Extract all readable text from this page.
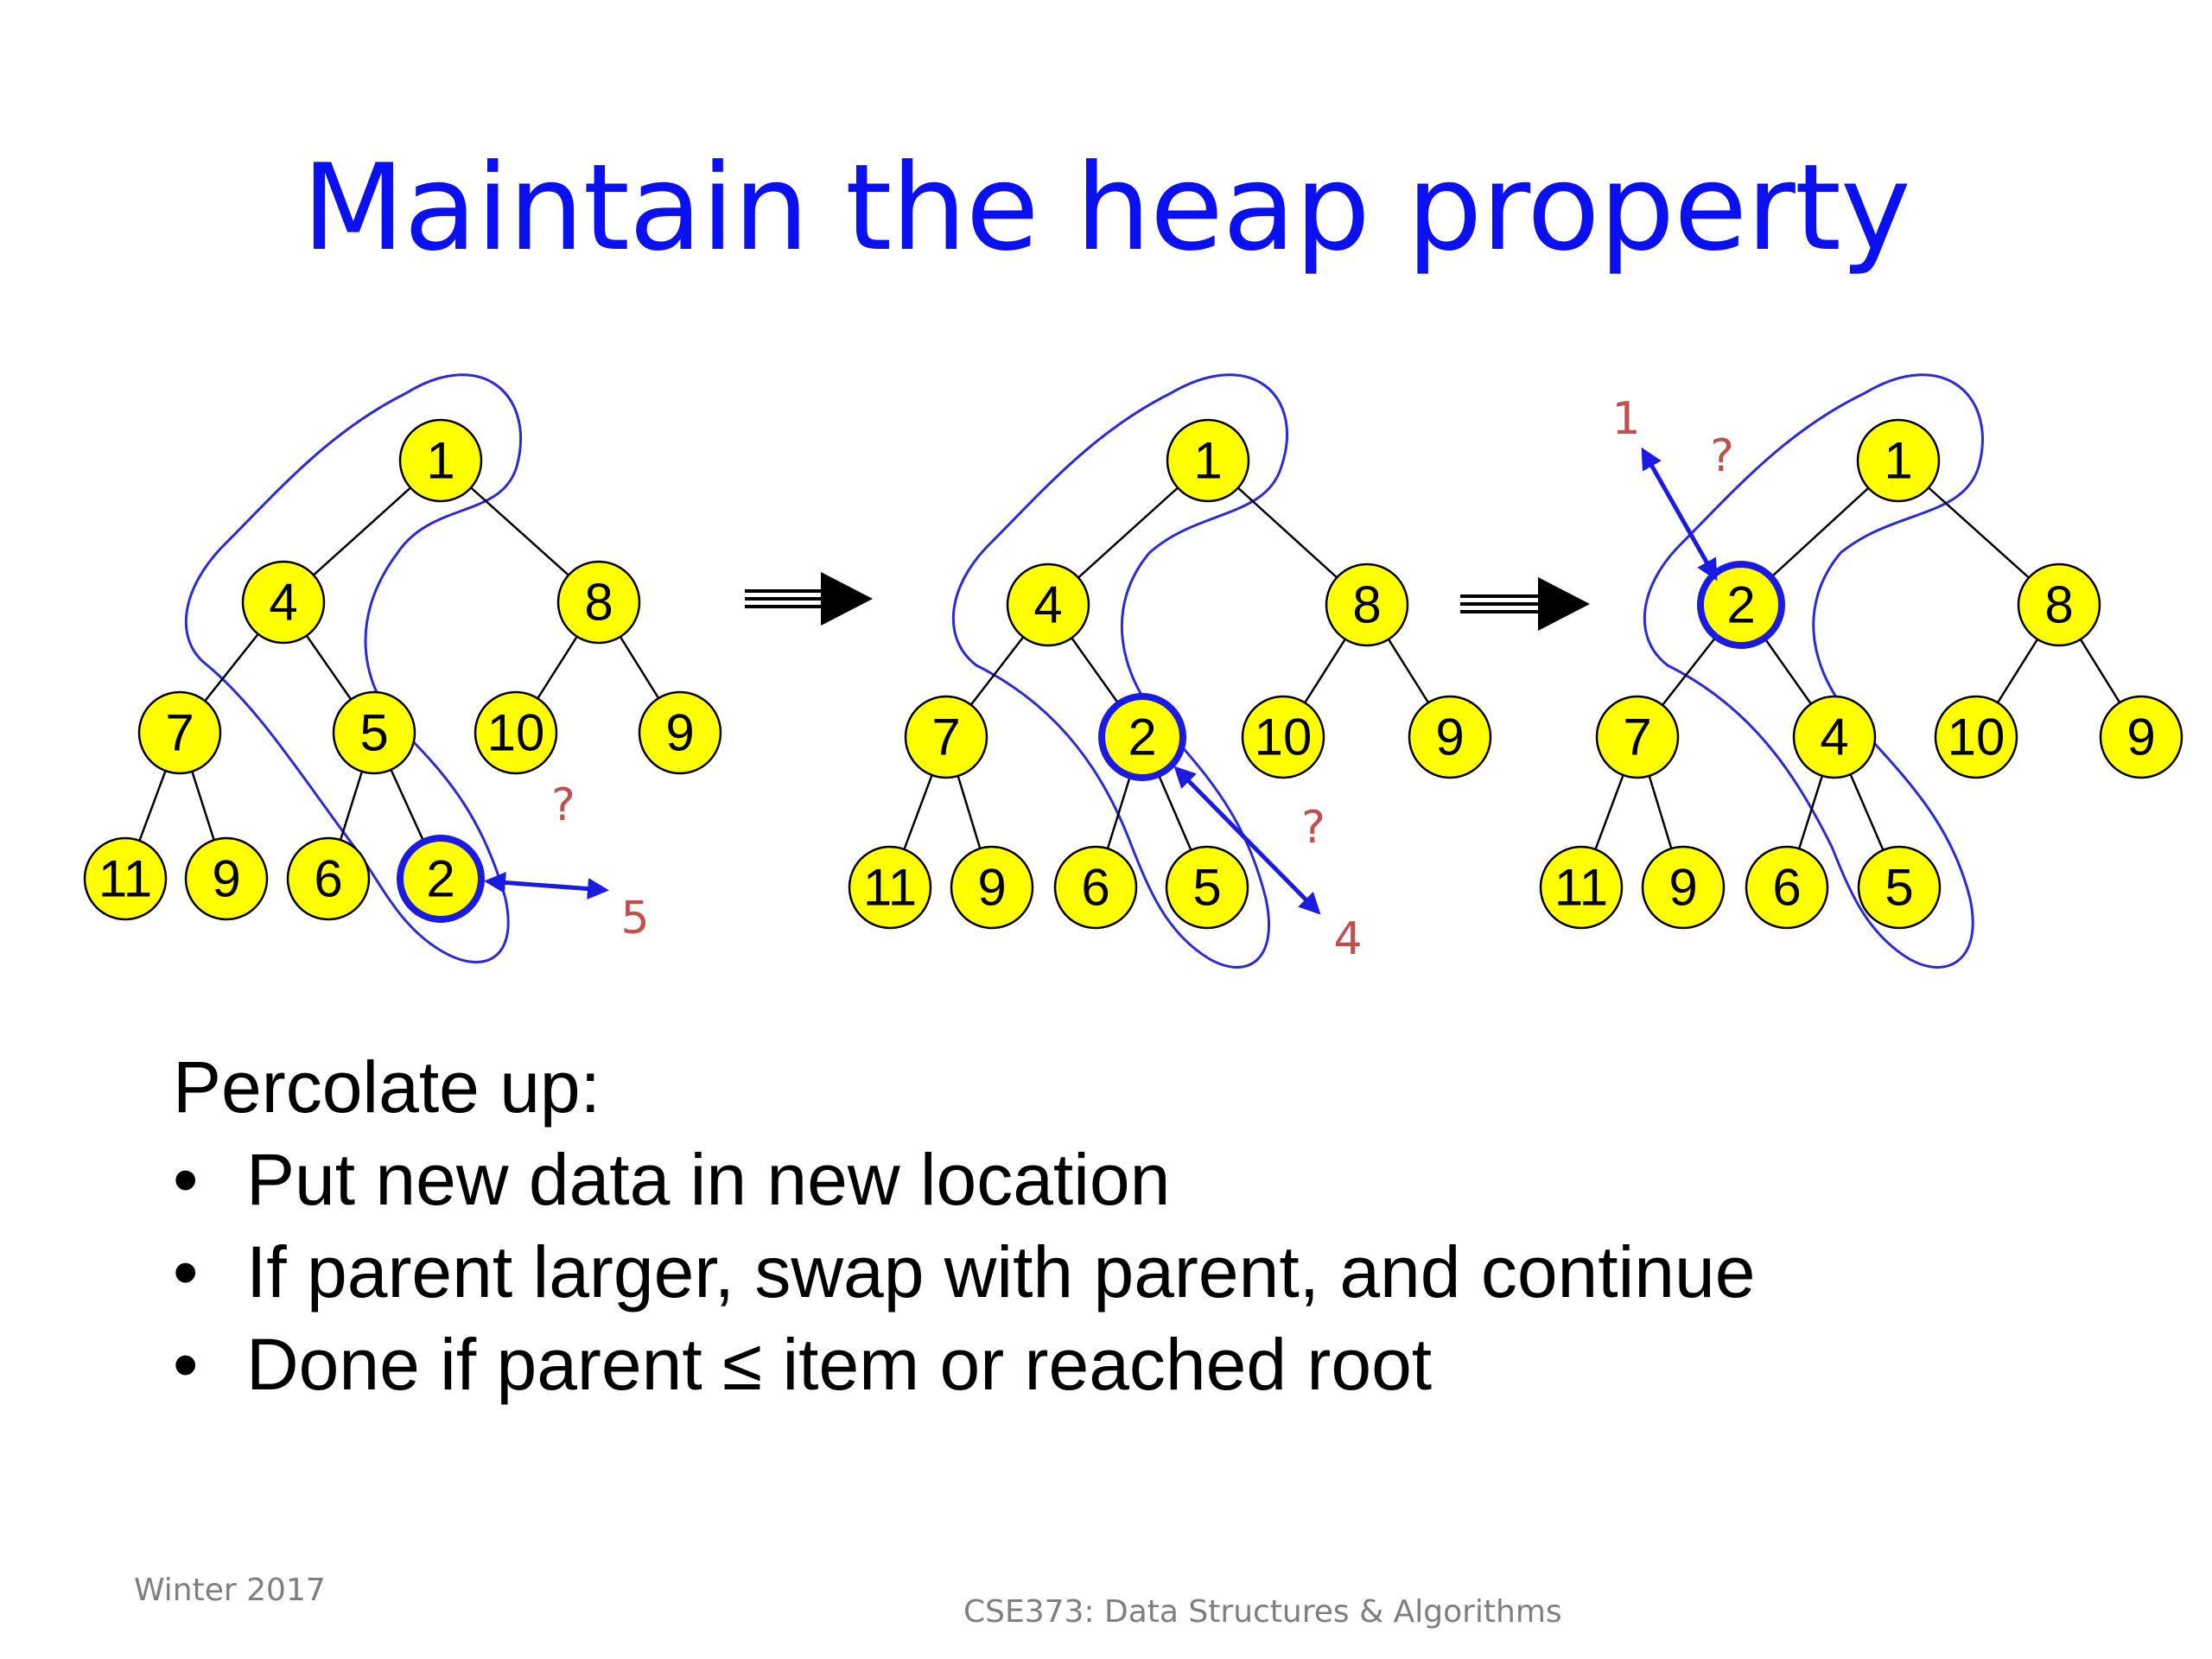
Maintain the heap property
1
4	8
7	5 10 9
11 9 6 2
?
5
1
4	8
7	2 10 9
11 9 6 5
?
4
1
2	8
7	4 10 9
11 9 6 5
1
?
Percolate up:
• Put new data in new location
• If parent larger, swap with parent, and continue
• Done if parent ≤ item or reached root
Winter 2017
CSE373: Data Structures & Algorithms
